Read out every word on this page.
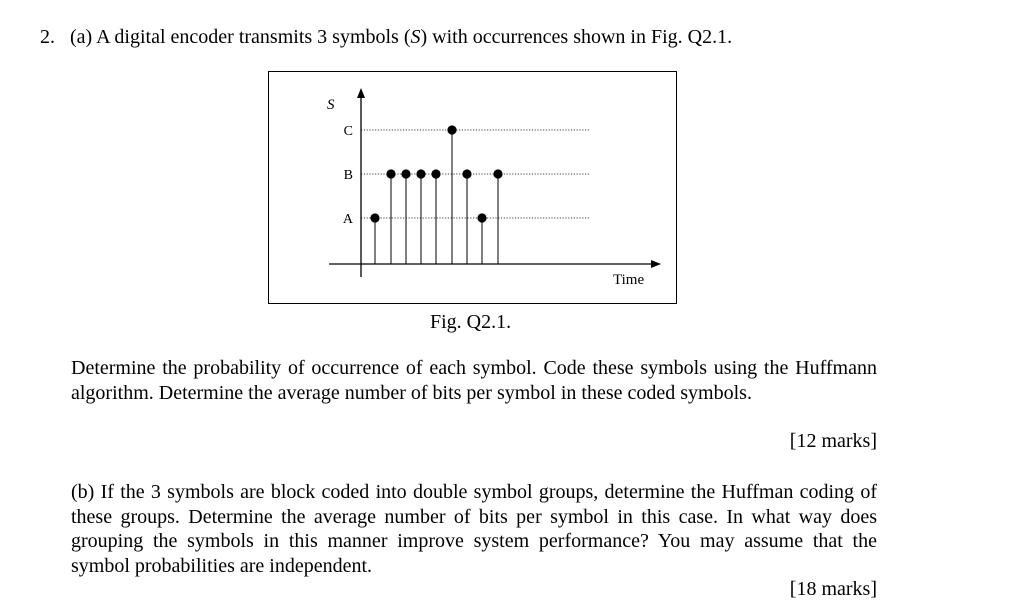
2. (a) A digital encoder transmits 3 symbols (S) with occurrences shown in Fig. Q2.1.
A
B
C
S
Time
Fig. Q2.1.
Determine the probability of occurrence of each symbol. Code these symbols using the Huffmann algorithm. Determine the average number of bits per symbol in these coded symbols.
[12 marks]
(b) If the 3 symbols are block coded into double symbol groups, determine the Huffman coding of these groups. Determine the average number of bits per symbol in this case. In what way does grouping the symbols in this manner improve system performance? You may assume that the symbol probabilities are independent.
[18 marks]
